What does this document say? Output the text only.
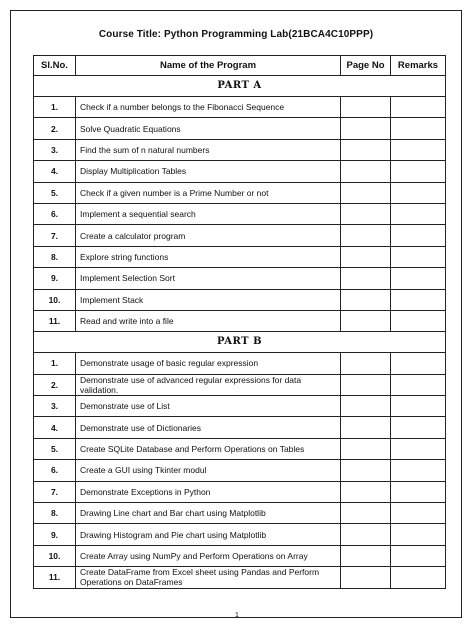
Course Title: Python Programming Lab(21BCA4C10PPP)
Sl.No.	Name of the Program	Page No	Remarks
PART A			
1.	Check if a number belongs to the Fibonacci Sequence		
2.	Solve Quadratic Equations		
3.	Find the sum of n natural numbers		
4.	Display Multiplication Tables		
5.	Check if a given number is a Prime Number or not		
6.	Implement a sequential search		
7.	Create a calculator program		
8.	Explore string functions		
9.	Implement Selection Sort		
10.	Implement Stack		
11.	Read and write into a file		
PART B			
1.	Demonstrate usage of basic regular expression		
2.	Demonstrate use of advanced regular expressions for data validation.		
3.	Demonstrate use of List		
4.	Demonstrate use of Dictionaries		
5.	Create SQLite Database and Perform Operations on Tables		
6.	Create a GUI using Tkinter modul		
7.	Demonstrate Exceptions in Python		
8.	Drawing Line chart and Bar chart using Matplotlib		
9.	Drawing Histogram and Pie chart using Matplotlib		
10.	Create Array using NumPy and Perform Operations on Array		
11.	Create DataFrame from Excel sheet using Pandas and Perform Operations on DataFrames		
1
